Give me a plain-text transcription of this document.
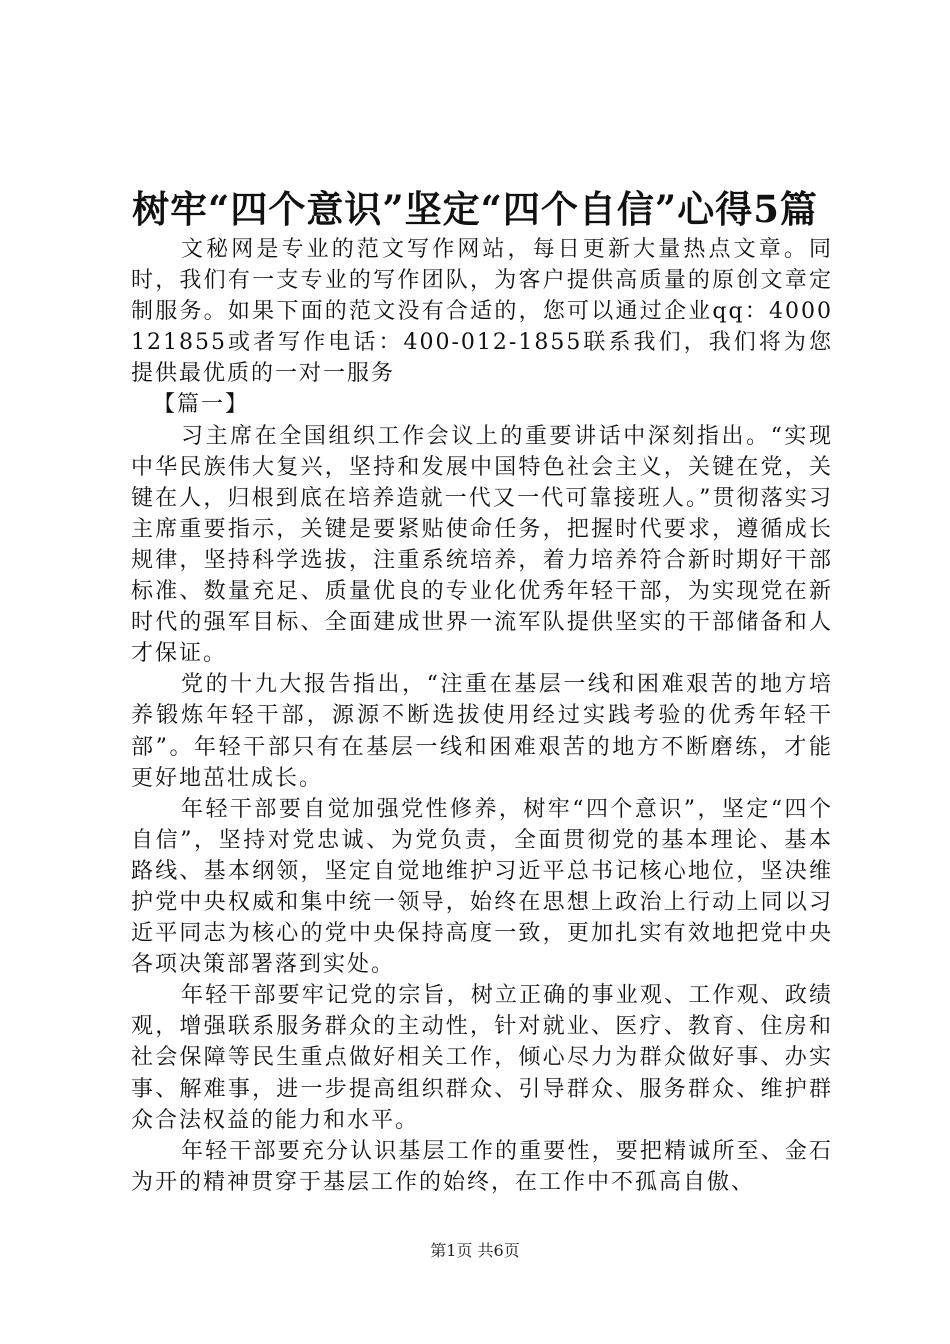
树牢“四个意识”坚定“四个自信”心得5篇

文秘网是专业的范文写作网站，每日更新大量热点文章。同时，我们有一支专业的写作团队，为客户提供高质量的原创文章定制服务。如果下面的范文没有合适的，您可以通过企业qq：4000121855或者写作电话：400-012-1855联系我们，我们将为您提供最优质的一对一服务

【篇一】

习主席在全国组织工作会议上的重要讲话中深刻指出。“实现中华民族伟大复兴，坚持和发展中国特色社会主义，关键在党，关键在人，归根到底在培养造就一代又一代可靠接班人。”贯彻落实习主席重要指示，关键是要紧贴使命任务，把握时代要求，遵循成长规律，坚持科学选拔，注重系统培养，着力培养符合新时期好干部标准、数量充足、质量优良的专业化优秀年轻干部，为实现党在新时代的强军目标、全面建成世界一流军队提供坚实的干部储备和人才保证。

党的十九大报告指出，“注重在基层一线和困难艰苦的地方培养锻炼年轻干部，源源不断选拔使用经过实践考验的优秀年轻干部”。年轻干部只有在基层一线和困难艰苦的地方不断磨练，才能更好地茁壮成长。

年轻干部要自觉加强党性修养，树牢“四个意识”，坚定“四个自信”，坚持对党忠诚、为党负责，全面贯彻党的基本理论、基本路线、基本纲领，坚定自觉地维护习近平总书记核心地位，坚决维护党中央权威和集中统一领导，始终在思想上政治上行动上同以习近平同志为核心的党中央保持高度一致，更加扎实有效地把党中央各项决策部署落到实处。

年轻干部要牢记党的宗旨，树立正确的事业观、工作观、政绩观，增强联系服务群众的主动性，针对就业、医疗、教育、住房和社会保障等民生重点做好相关工作，倾心尽力为群众做好事、办实事、解难事，进一步提高组织群众、引导群众、服务群众、维护群众合法权益的能力和水平。

年轻干部要充分认识基层工作的重要性，要把精诚所至、金石为开的精神贯穿于基层工作的始终，在工作中不孤高自傲、

第1页 共6页
